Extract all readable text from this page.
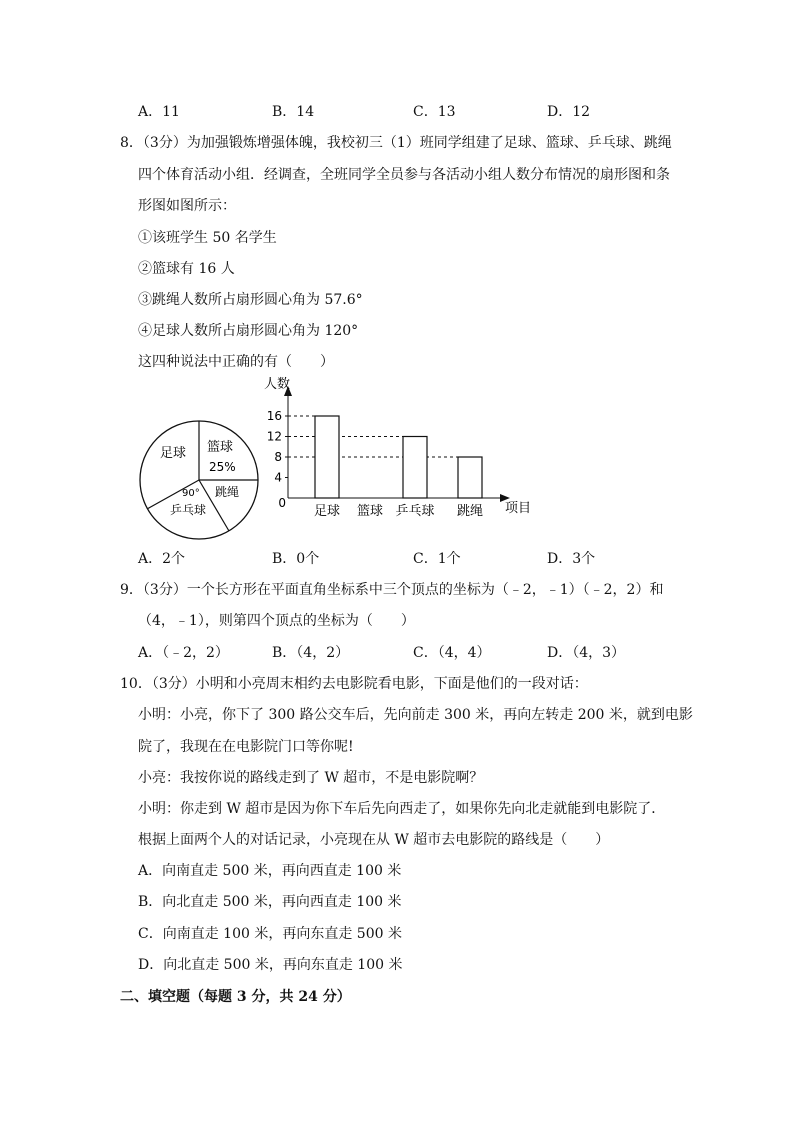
A．11	B．14	C．13	D．12
8．（3分）为加强锻炼增强体魄，我校初三（1）班同学组建了足球、篮球、乒乓球、跳绳
四个体育活动小组．经调查，全班同学全员参与各活动小组人数分布情况的扇形图和条
形图如图所示：
①该班学生 50 名学生
②篮球有 16 人
③跳绳人数所占扇形圆心角为 57.6°
④足球人数所占扇形圆心角为 120°
这四种说法中正确的有（　　）
足球 篮球
25%
跳绳
90°
乒乓球
人数
项目
0
4
8
12
16
足球 篮球 乒乓球 跳绳
A．2个	B．0个	C．1个	D．3个
9．（3分）一个长方形在平面直角坐标系中三个顶点的坐标为（﹣2，﹣1）（﹣2，2）和
（4，﹣1），则第四个顶点的坐标为（　　）
A．（﹣2，2）	B．（4，2）	C．（4，4）	D．（4，3）
10．（3分）小明和小亮周末相约去电影院看电影，下面是他们的一段对话：
小明：小亮，你下了 300 路公交车后，先向前走 300 米，再向左转走 200 米，就到电影
院了，我现在在电影院门口等你呢!
小亮：我按你说的路线走到了 W 超市，不是电影院啊？
小明：你走到 W 超市是因为你下车后先向西走了，如果你先向北走就能到电影院了．
根据上面两个人的对话记录，小亮现在从 W 超市去电影院的路线是（　　）
A．向南直走 500 米，再向西直走 100 米
B．向北直走 500 米，再向西直走 100 米
C．向南直走 100 米，再向东直走 500 米
D．向北直走 500 米，再向东直走 100 米
二、填空题（每题 3 分，共 24 分）
